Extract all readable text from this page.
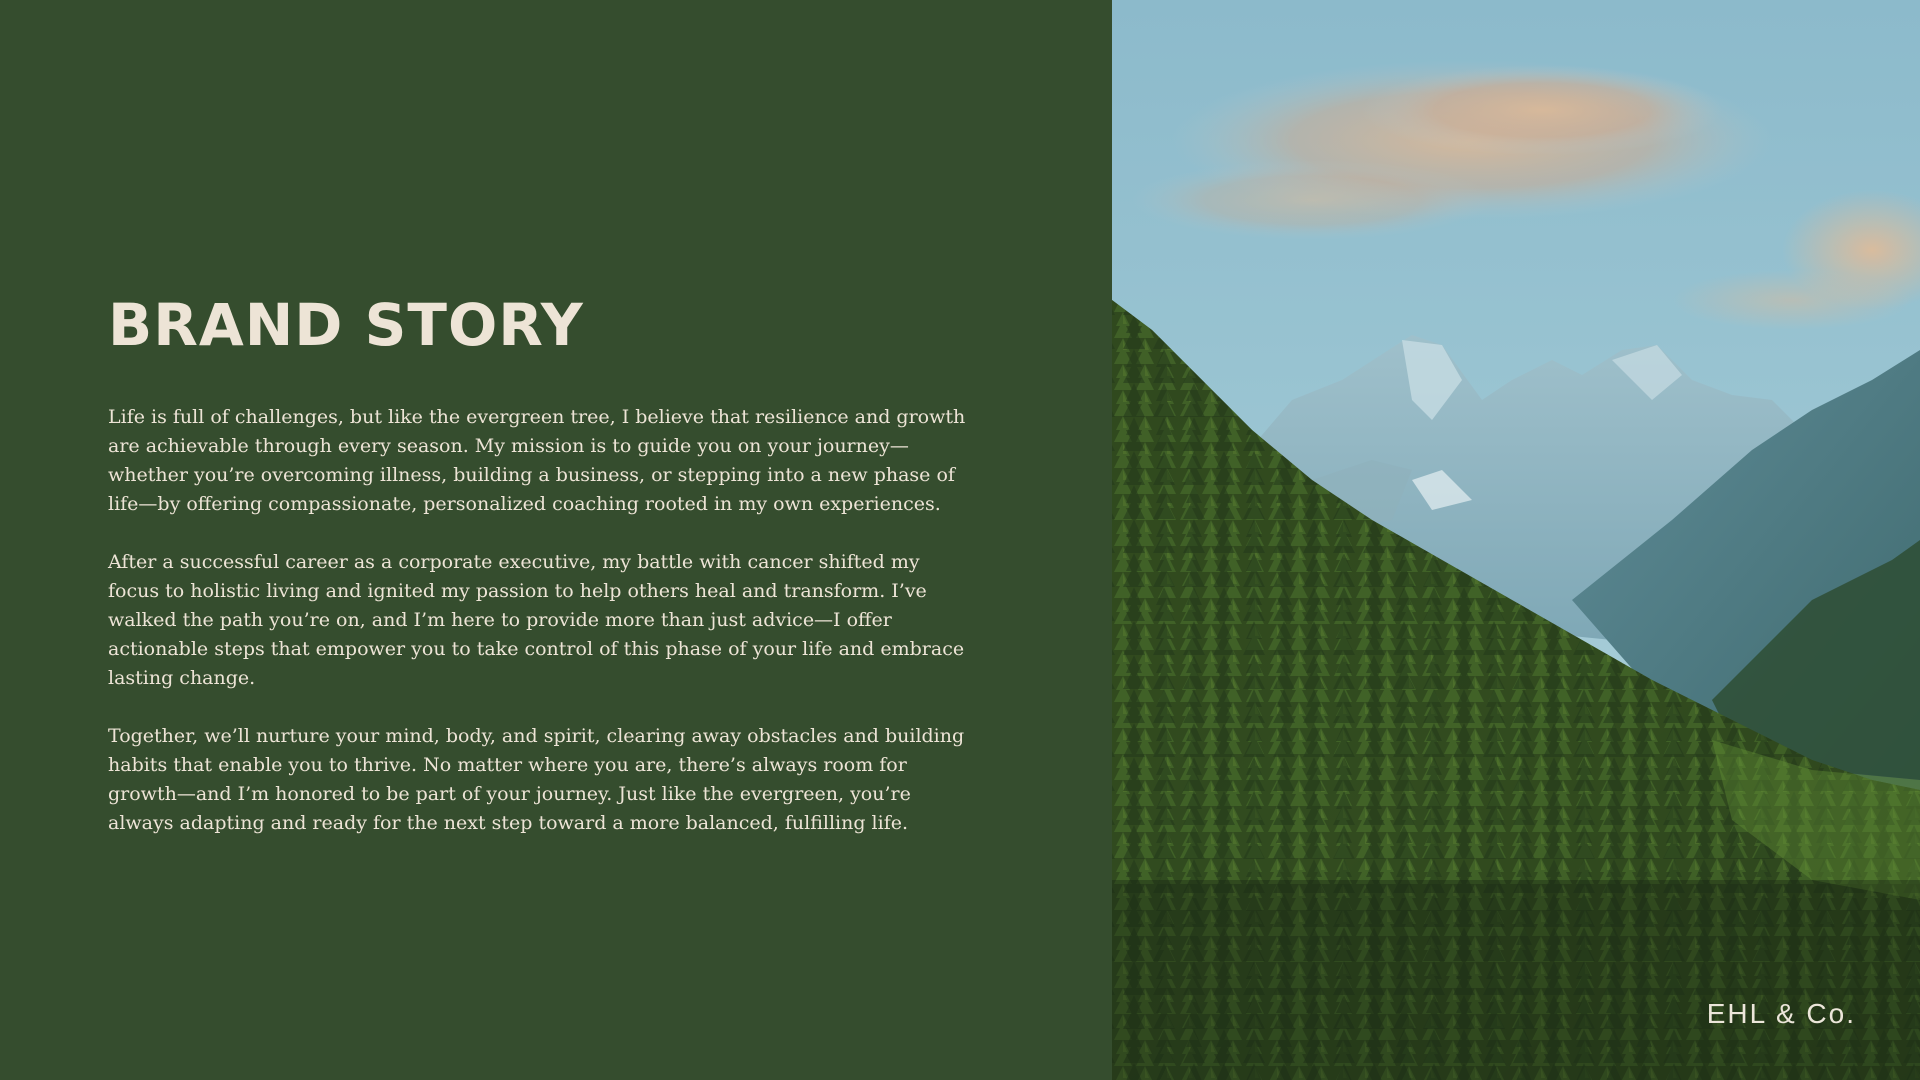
BRAND STORY

Life is full of challenges, but like the evergreen tree, I believe that resilience and growth are achievable through every season. My mission is to guide you on your journey—whether you’re overcoming illness, building a business, or stepping into a new phase of life—by offering compassionate, personalized coaching rooted in my own experiences.

After a successful career as a corporate executive, my battle with cancer shifted my focus to holistic living and ignited my passion to help others heal and transform. I’ve walked the path you’re on, and I’m here to provide more than just advice—I offer actionable steps that empower you to take control of this phase of your life and embrace lasting change.

Together, we’ll nurture your mind, body, and spirit, clearing away obstacles and building habits that enable you to thrive. No matter where you are, there’s always room for growth—and I’m honored to be part of your journey. Just like the evergreen, you’re always adapting and ready for the next step toward a more balanced, fulfilling life.

EHL & Co.
